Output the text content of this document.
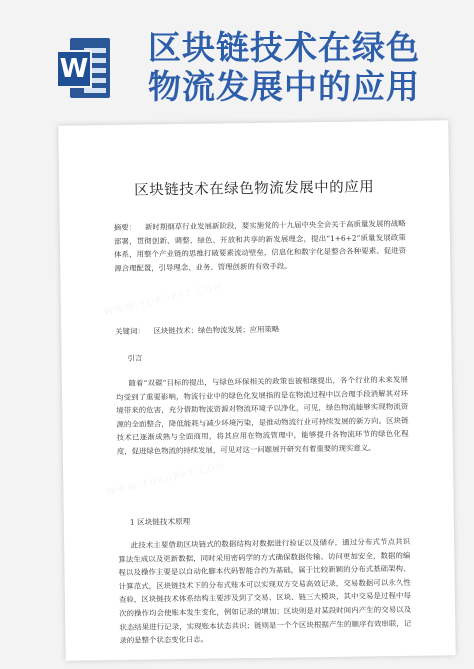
W
区块链技术在绿色
物流发展中的应用
WWW.TUKUPPT.COM
WWW.TUKUPPT.COM
区块链技术在绿色物流发展中的应用
摘要： 新时期烟草行业发展新阶段，要实施党的十九届中央全会关于高质量发展的战略部署，贯彻创新、调整、绿色、开放和共享的新发展理念，提出“1+6+2”质量发展政策体系，用整个产业链的思维打破要素流动壁垒，信息化和数字化是整合各种要素、促进资源合理配置，引导理念、业务、管理创新的有效手段。
关键词： 区块链技术；绿色物流发展；应用策略
引言
随着“双碳”目标的提出，与绿色环保相关的政策也被相继提出，各个行业的未来发展均受到了重要影响，物流行业中的绿色化发展指的是在物流过程中以合理手段消解其对环境带来的危害，充分借助物流资源对物流环境予以净化，可见，绿色物流能够实现物流资源的全面整合，降低能耗与减少环境污染，是推动物流行业可持续发展的新方向。区块链技术已逐渐成熟与全面商用，将其应用在物流管理中，能够提升各物流环节的绿色化程度，促进绿色物流的持续发展，可见对这一问题展开研究有着重要的现实意义。
1 区块链技术原理
此技术主要借助区块链式的数据结构对数据进行验证以及储存，通过分布式节点共识算法生成以及更新数据，同时采用密码学的方式确保数据传输、访问更加安全，数据的编程以及操作主要是以自动化脚本代码智能合约为基础，属于比较新颖的分布式基础架构、计算范式，区块链技术下的分布式账本可以实现双方交易高效记录，交易数据可以永久性查验，区块链技术体系结构主要涉及到了交易、区块、链三大模块，其中交易是过程中每次的操作均会使账本发生变化，例如记录的增加；区块则是对某段时间内产生的交易以及状态结果进行记录，实现账本状态共识；链则是一个个区块根据产生的顺序有效串联，记录的是整个状态变化日志。
